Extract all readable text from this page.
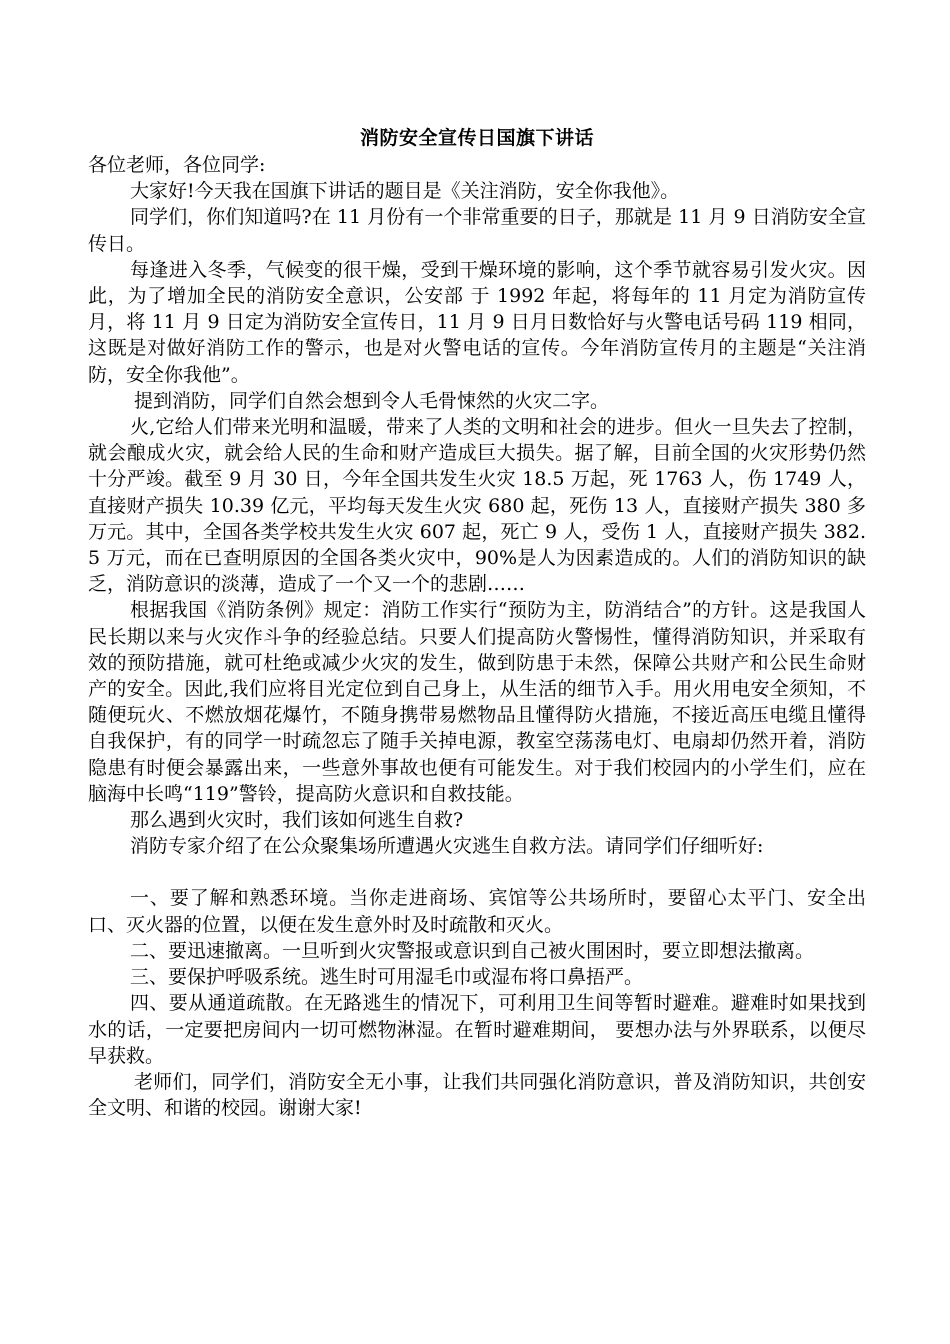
消防安全宣传日国旗下讲话

各位老师，各位同学:

大家好!今天我在国旗下讲话的题目是《关注消防，安全你我他》。

同学们，你们知道吗?在 11 月份有一个非常重要的日子，那就是 11 月 9 日消防安全宣传日。

每逢进入冬季，气候变的很干燥，受到干燥环境的影响，这个季节就容易引发火灾。因此，为了增加全民的消防安全意识，公安部 于 1992 年起，将每年的 11 月定为消防宣传月，将 11 月 9 日定为消防安全宣传日，11 月 9 日月日数恰好与火警电话号码 119 相同，这既是对做好消防工作的警示，也是对火警电话的宣传。今年消防宣传月的主题是“关注消防，安全你我他”。

提到消防，同学们自然会想到令人毛骨悚然的火灾二字。

火,它给人们带来光明和温暖，带来了人类的文明和社会的进步。但火一旦失去了控制，就会酿成火灾，就会给人民的生命和财产造成巨大损失。据了解，目前全国的火灾形势仍然十分严竣。截至 9 月 30 日，今年全国共发生火灾 18.5 万起，死 1763 人，伤 1749 人，直接财产损失 10.39 亿元，平均每天发生火灾 680 起，死伤 13 人，直接财产损失 380 多万元。其中，全国各类学校共发生火灾 607 起，死亡 9 人，受伤 1 人，直接财产损失 382.5 万元，而在已查明原因的全国各类火灾中，90%是人为因素造成的。人们的消防知识的缺乏，消防意识的淡薄，造成了一个又一个的悲剧……

根据我国《消防条例》规定：消防工作实行“预防为主，防消结合”的方针。这是我国人民长期以来与火灾作斗争的经验总结。只要人们提高防火警惕性，懂得消防知识，并采取有效的预防措施，就可杜绝或减少火灾的发生，做到防患于未然，保障公共财产和公民生命财产的安全。因此,我们应将目光定位到自己身上，从生活的细节入手。用火用电安全须知，不随便玩火、不燃放烟花爆竹，不随身携带易燃物品且懂得防火措施，不接近高压电缆且懂得自我保护，有的同学一时疏忽忘了随手关掉电源，教室空荡荡电灯、电扇却仍然开着，消防隐患有时便会暴露出来，一些意外事故也便有可能发生。对于我们校园内的小学生们，应在脑海中长鸣“119”警铃，提高防火意识和自救技能。

那么遇到火灾时，我们该如何逃生自救?

消防专家介绍了在公众聚集场所遭遇火灾逃生自救方法。请同学们仔细听好:

一、要了解和熟悉环境。当你走进商场、宾馆等公共场所时，要留心太平门、安全出口、灭火器的位置，以便在发生意外时及时疏散和灭火。

二、要迅速撤离。一旦听到火灾警报或意识到自己被火围困时，要立即想法撤离。

三、要保护呼吸系统。逃生时可用湿毛巾或湿布将口鼻捂严。

四、要从通道疏散。在无路逃生的情况下，可利用卫生间等暂时避难。避难时如果找到水的话，一定要把房间内一切可燃物淋湿。在暂时避难期间， 要想办法与外界联系，以便尽早获救。

老师们，同学们，消防安全无小事，让我们共同强化消防意识，普及消防知识，共创安全文明、和谐的校园。谢谢大家!
